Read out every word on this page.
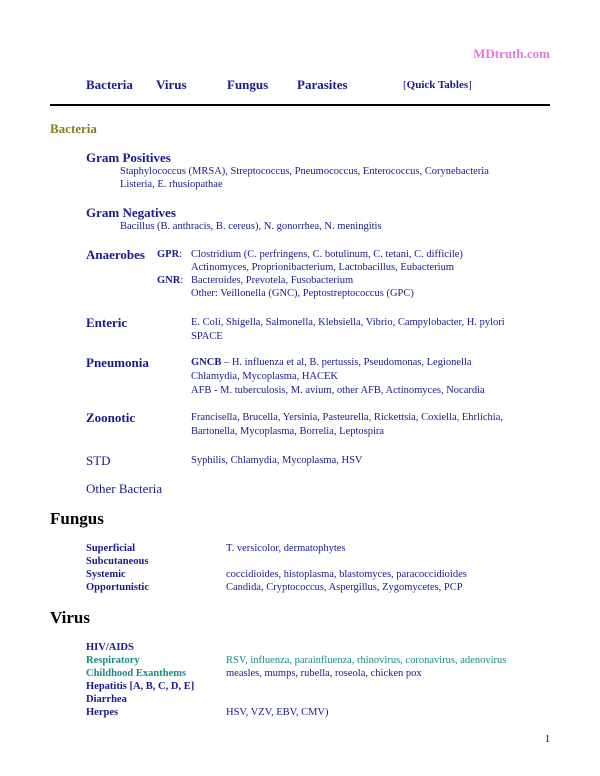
MDtruth.com
Bacteria Virus	Fungus Parasites	[Quick Tables]
Bacteria
Gram Positives
Staphylococcus (MRSA), Streptococcus, Pneumococcus, Enterococcus, Corynebacteria
Listeria, E. rhusiopathae
Gram Negatives
Bacillus (B. anthracis, B. cereus), N. gonorrhea, N. meningitis
Anaerobes GPR: Clostridium (C. perfringens, C. botulinum, C. tetani, C. difficile)
Actinomyces, Proprionibacterium, Lactobacillus, Eubacterium
GNR: Bacteroides, Prevotela, Fusobacterium
Other: Veillonella (GNC), Peptostreptococcus (GPC)
Enteric	E. Coli, Shigella, Salmonella, Klebsiella, Vibrio, Campylobacter, H. pylori
SPACE
Pneumonia	GNCB – H. influenza et al, B. pertussis, Pseudomonas, Legionella
Chlamydia, Mycoplasma, HACEK
AFB - M. tuberculosis, M. avium, other AFB, Actinomyces, Nocardia
Zoonotic	Francisella, Brucella, Yersinia, Pasteurella, Rickettsia, Coxiella, Ehrlichia,
Bartonella, Mycoplasma, Borrelia, Leptospira
STD	Syphilis, Chlamydia, Mycoplasma, HSV
Other Bacteria
Fungus
Superficial	T. versicolor, dermatophytes
Subcutaneous
Systemic	coccidioides, histoplasma, blastomyces, paracoccidioides
Opportunistic	Candida, Cryptococcus, Aspergillus, Zygomycetes, PCP
Virus
HIV/AIDS
Respiratory	RSV, influenza, parainfluenza, rhinovirus, coronavirus, adenovirus
Childhood Exanthems	measles, mumps, rubella, roseola, chicken pox
Hepatitis [A, B, C, D, E]
Diarrhea
Herpes	HSV, VZV, EBV, CMV)
1
